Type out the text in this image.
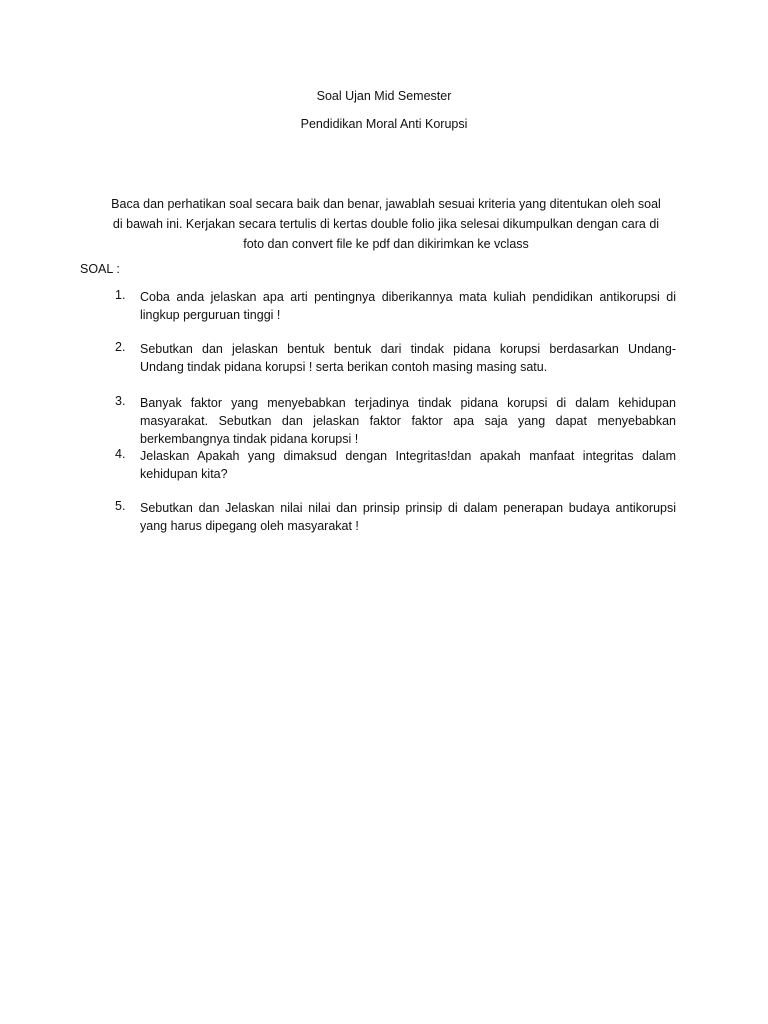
Soal Ujan Mid Semester
Pendidikan Moral Anti Korupsi
Baca dan perhatikan soal secara baik dan benar, jawablah sesuai kriteria yang ditentukan oleh soal
di bawah ini. Kerjakan secara tertulis di kertas double folio jika selesai dikumpulkan dengan cara di
foto dan convert file ke pdf dan dikirimkan ke vclass
SOAL :
1.	Coba anda jelaskan apa arti pentingnya diberikannya mata kuliah pendidikan antikorupsi di
lingkup perguruan tinggi !
2.	Sebutkan dan jelaskan bentuk bentuk dari tindak pidana korupsi berdasarkan Undang-
Undang tindak pidana korupsi ! serta berikan contoh masing masing satu.
3.	Banyak faktor yang menyebabkan terjadinya tindak pidana korupsi di dalam kehidupan
masyarakat. Sebutkan dan jelaskan faktor faktor apa saja yang dapat menyebabkan
berkembangnya tindak pidana korupsi !
4.	Jelaskan Apakah yang dimaksud dengan Integritas!dan apakah manfaat integritas dalam
kehidupan kita?
5.	Sebutkan dan Jelaskan nilai nilai dan prinsip prinsip di dalam penerapan budaya antikorupsi
yang harus dipegang oleh masyarakat !
